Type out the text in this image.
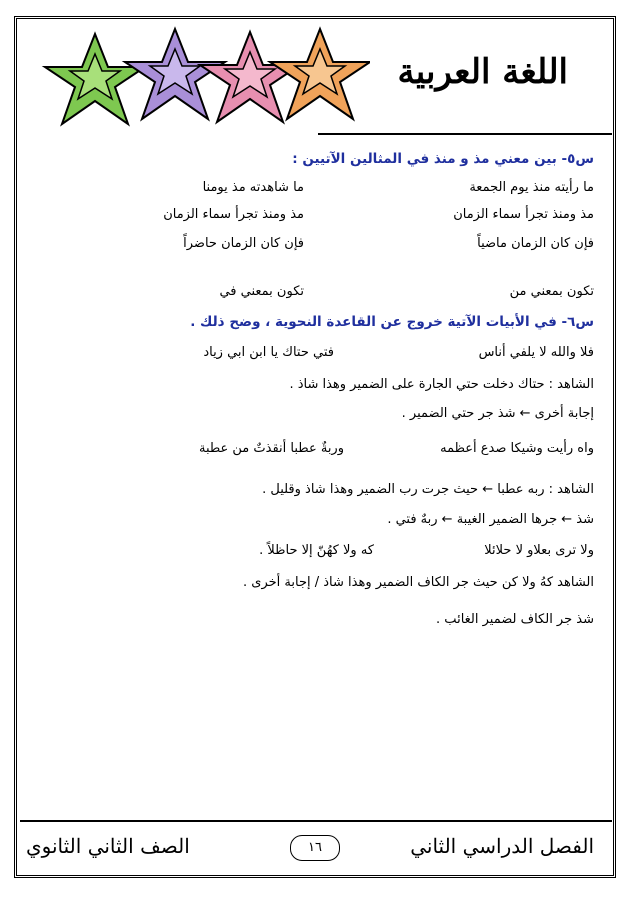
اللغة العربية
س٥- بين معني مذ و منذ في المثالين الآتيين :
ما رأيته منذ يوم الجمعة
ما شاهدته مذ يومنا
مذ ومنذ تجرأ سماء الزمان
مذ ومنذ تجرأ سماء الزمان
فإن كان الزمان ماضياً
فإن كان الزمان حاضراً
تكون بمعني من
تكون بمعني في
س٦- في الأبيات الآتية خروج عن القاعدة النحوية ، وضح ذلك .
فلا والله لا يلفي أناس
فتي حتاك يا ابن ابي زياد
الشاهد : حتاك دخلت حتي الجارة على الضمير وهذا شاذ .
إجابة أخرى ← شذ جر حتي الضمير .
واه رأيت وشيكا صدع أعظمه
وربةٌ عطبا أنقذتٌ من عطبة
الشاهد : ربه عطبا ← حيث جرت رب الضمير وهذا شاذ وقليل .
شذ ← جرها الضمير الغيبة ← ربهٌ فتي .
ولا ترى بعلاو لا حلائلا
كه ولا كهُنّ إلا حاظلاً .
الشاهد كهُ ولا كن حيث جر الكاف الضمير وهذا شاذ / إجابة أخرى .
شذ جر الكاف لضمير الغائب .
الفصل الدراسي الثاني
١٦
الصف الثاني الثانوي
